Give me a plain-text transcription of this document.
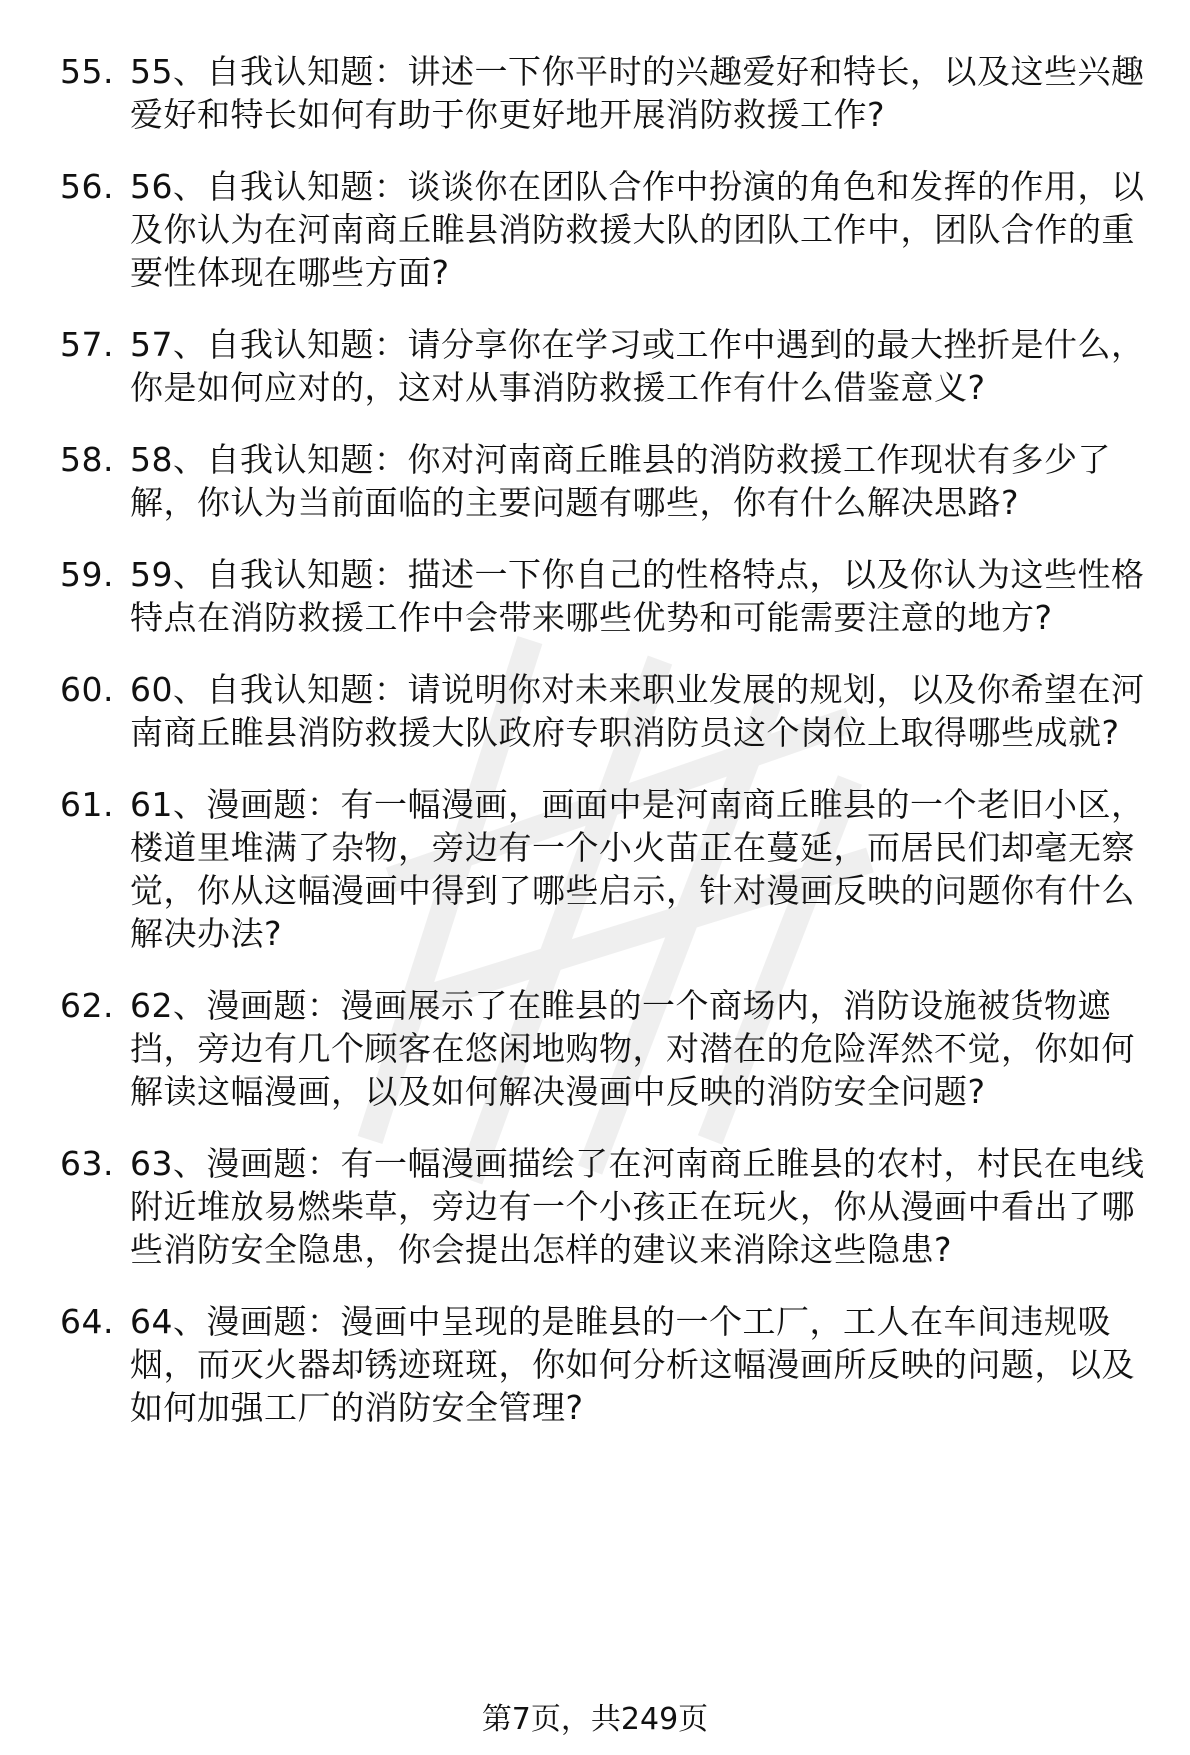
55. 55、自我认知题：讲述一下你平时的兴趣爱好和特长，以及这些兴趣爱好和特长如何有助于你更好地开展消防救援工作?
56. 56、自我认知题：谈谈你在团队合作中扮演的角色和发挥的作用，以及你认为在河南商丘睢县消防救援大队的团队工作中，团队合作的重要性体现在哪些方面?
57. 57、自我认知题：请分享你在学习或工作中遇到的最大挫折是什么，你是如何应对的，这对从事消防救援工作有什么借鉴意义?
58. 58、自我认知题：你对河南商丘睢县的消防救援工作现状有多少了解，你认为当前面临的主要问题有哪些，你有什么解决思路?
59. 59、自我认知题：描述一下你自己的性格特点，以及你认为这些性格特点在消防救援工作中会带来哪些优势和可能需要注意的地方?
60. 60、自我认知题：请说明你对未来职业发展的规划，以及你希望在河南商丘睢县消防救援大队政府专职消防员这个岗位上取得哪些成就?
61. 61、漫画题：有一幅漫画，画面中是河南商丘睢县的一个老旧小区，楼道里堆满了杂物，旁边有一个小火苗正在蔓延，而居民们却毫无察觉，你从这幅漫画中得到了哪些启示，针对漫画反映的问题你有什么解决办法?
62. 62、漫画题：漫画展示了在睢县的一个商场内，消防设施被货物遮挡，旁边有几个顾客在悠闲地购物，对潜在的危险浑然不觉，你如何解读这幅漫画，以及如何解决漫画中反映的消防安全问题?
63. 63、漫画题：有一幅漫画描绘了在河南商丘睢县的农村，村民在电线附近堆放易燃柴草，旁边有一个小孩正在玩火，你从漫画中看出了哪些消防安全隐患，你会提出怎样的建议来消除这些隐患?
64. 64、漫画题：漫画中呈现的是睢县的一个工厂，工人在车间违规吸烟，而灭火器却锈迹斑斑，你如何分析这幅漫画所反映的问题，以及如何加强工厂的消防安全管理?
第7页，共249页
